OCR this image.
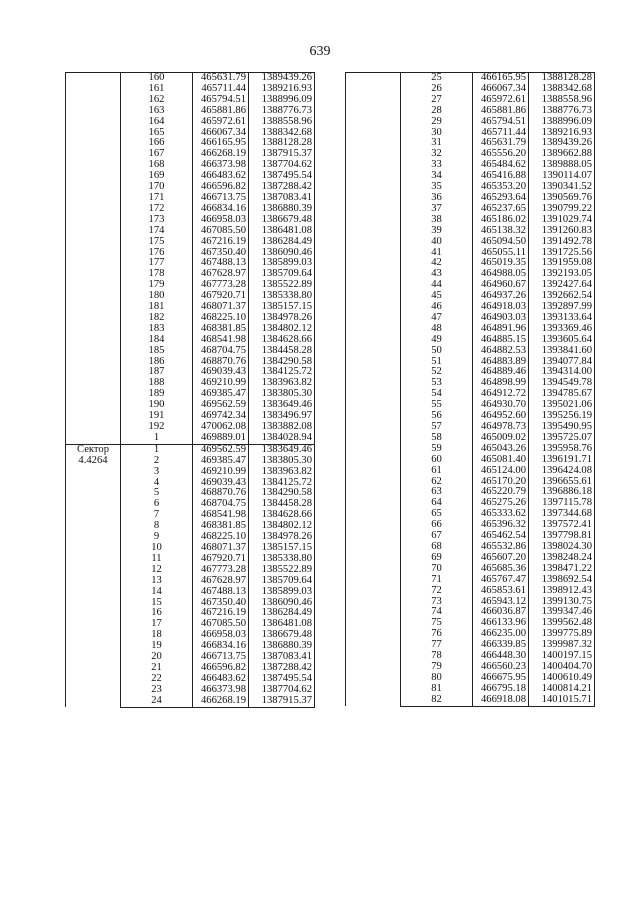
639
	160	465631.79	1389439.26
	161	465711.44	1389216.93
	162	465794.51	1388996.09
	163	465881.86	1388776.73
	164	465972.61	1388558.96
	165	466067.34	1388342.68
	166	466165.95	1388128.28
	167	466268.19	1387915.37
	168	466373.98	1387704.62
	169	466483.62	1387495.54
	170	466596.82	1387288.42
	171	466713.75	1387083.41
	172	466834.16	1386880.39
	173	466958.03	1386679.48
	174	467085.50	1386481.08
	175	467216.19	1386284.49
	176	467350.40	1386090.46
	177	467488.13	1385899.03
	178	467628.97	1385709.64
	179	467773.28	1385522.89
	180	467920.71	1385338.80
	181	468071.37	1385157.15
	182	468225.10	1384978.26
	183	468381.85	1384802.12
	184	468541.98	1384628.66
	185	468704.75	1384458.28
	186	468870.76	1384290.58
	187	469039.43	1384125.72
	188	469210.99	1383963.82
	189	469385.47	1383805.30
	190	469562.59	1383649.46
	191	469742.34	1383496.97
	192	470062.08	1383882.08
	1	469889.01	1384028.94

Сектор
4.4264	1	469562.59	1383649.46
	2	469385.47	1383805.30
	3	469210.99	1383963.82
	4	469039.43	1384125.72
	5	468870.76	1384290.58
	6	468704.75	1384458.28
	7	468541.98	1384628.66
	8	468381.85	1384802.12
	9	468225.10	1384978.26
	10	468071.37	1385157.15
	11	467920.71	1385338.80
	12	467773.28	1385522.89
	13	467628.97	1385709.64
	14	467488.13	1385899.03
	15	467350.40	1386090.46
	16	467216.19	1386284.49
	17	467085.50	1386481.08
	18	466958.03	1386679.48
	19	466834.16	1386880.39
	20	466713.75	1387083.41
	21	466596.82	1387288.42
	22	466483.62	1387495.54
	23	466373.98	1387704.62
	24	466268.19	1387915.37
	25	466165.95	1388128.28
	26	466067.34	1388342.68
	27	465972.61	1388558.96
	28	465881.86	1388776.73
	29	465794.51	1388996.09
	30	465711.44	1389216.93
	31	465631.79	1389439.26
	32	465556.20	1389662.88
	33	465484.62	1389888.05
	34	465416.88	1390114.07
	35	465353.20	1390341.52
	36	465293.64	1390569.76
	37	465237.65	1390799.22
	38	465186.02	1391029.74
	39	465138.32	1391260.83
	40	465094.50	1391492.78
	41	465055.11	1391725.56
	42	465019.35	1391959.08
	43	464988.05	1392193.05
	44	464960.67	1392427.64
	45	464937.26	1392662.54
	46	464918.03	1392897.99
	47	464903.03	1393133.64
	48	464891.96	1393369.46
	49	464885.15	1393605.64
	50	464882.53	1393841.60
	51	464883.89	1394077.84
	52	464889.46	1394314.00
	53	464898.99	1394549.78
	54	464912.72	1394785.67
	55	464930.70	1395021.06
	56	464952.60	1395256.19
	57	464978.73	1395490.95
	58	465009.02	1395725.07
	59	465043.26	1395958.76
	60	465081.40	1396191.71
	61	465124.00	1396424.08
	62	465170.20	1396655.61
	63	465220.79	1396886.18
	64	465275.26	1397115.78
	65	465333.62	1397344.68
	66	465396.32	1397572.41
	67	465462.54	1397798.81
	68	465532.86	1398024.30
	69	465607.20	1398248.24
	70	465685.36	1398471.22
	71	465767.47	1398692.54
	72	465853.61	1398912.43
	73	465943.12	1399130.75
	74	466036.87	1399347.46
	75	466133.96	1399562.48
	76	466235.00	1399775.89
	77	466339.85	1399987.32
	78	466448.30	1400197.15
	79	466560.23	1400404.70
	80	466675.95	1400610.49
	81	466795.18	1400814.21
	82	466918.08	1401015.71
